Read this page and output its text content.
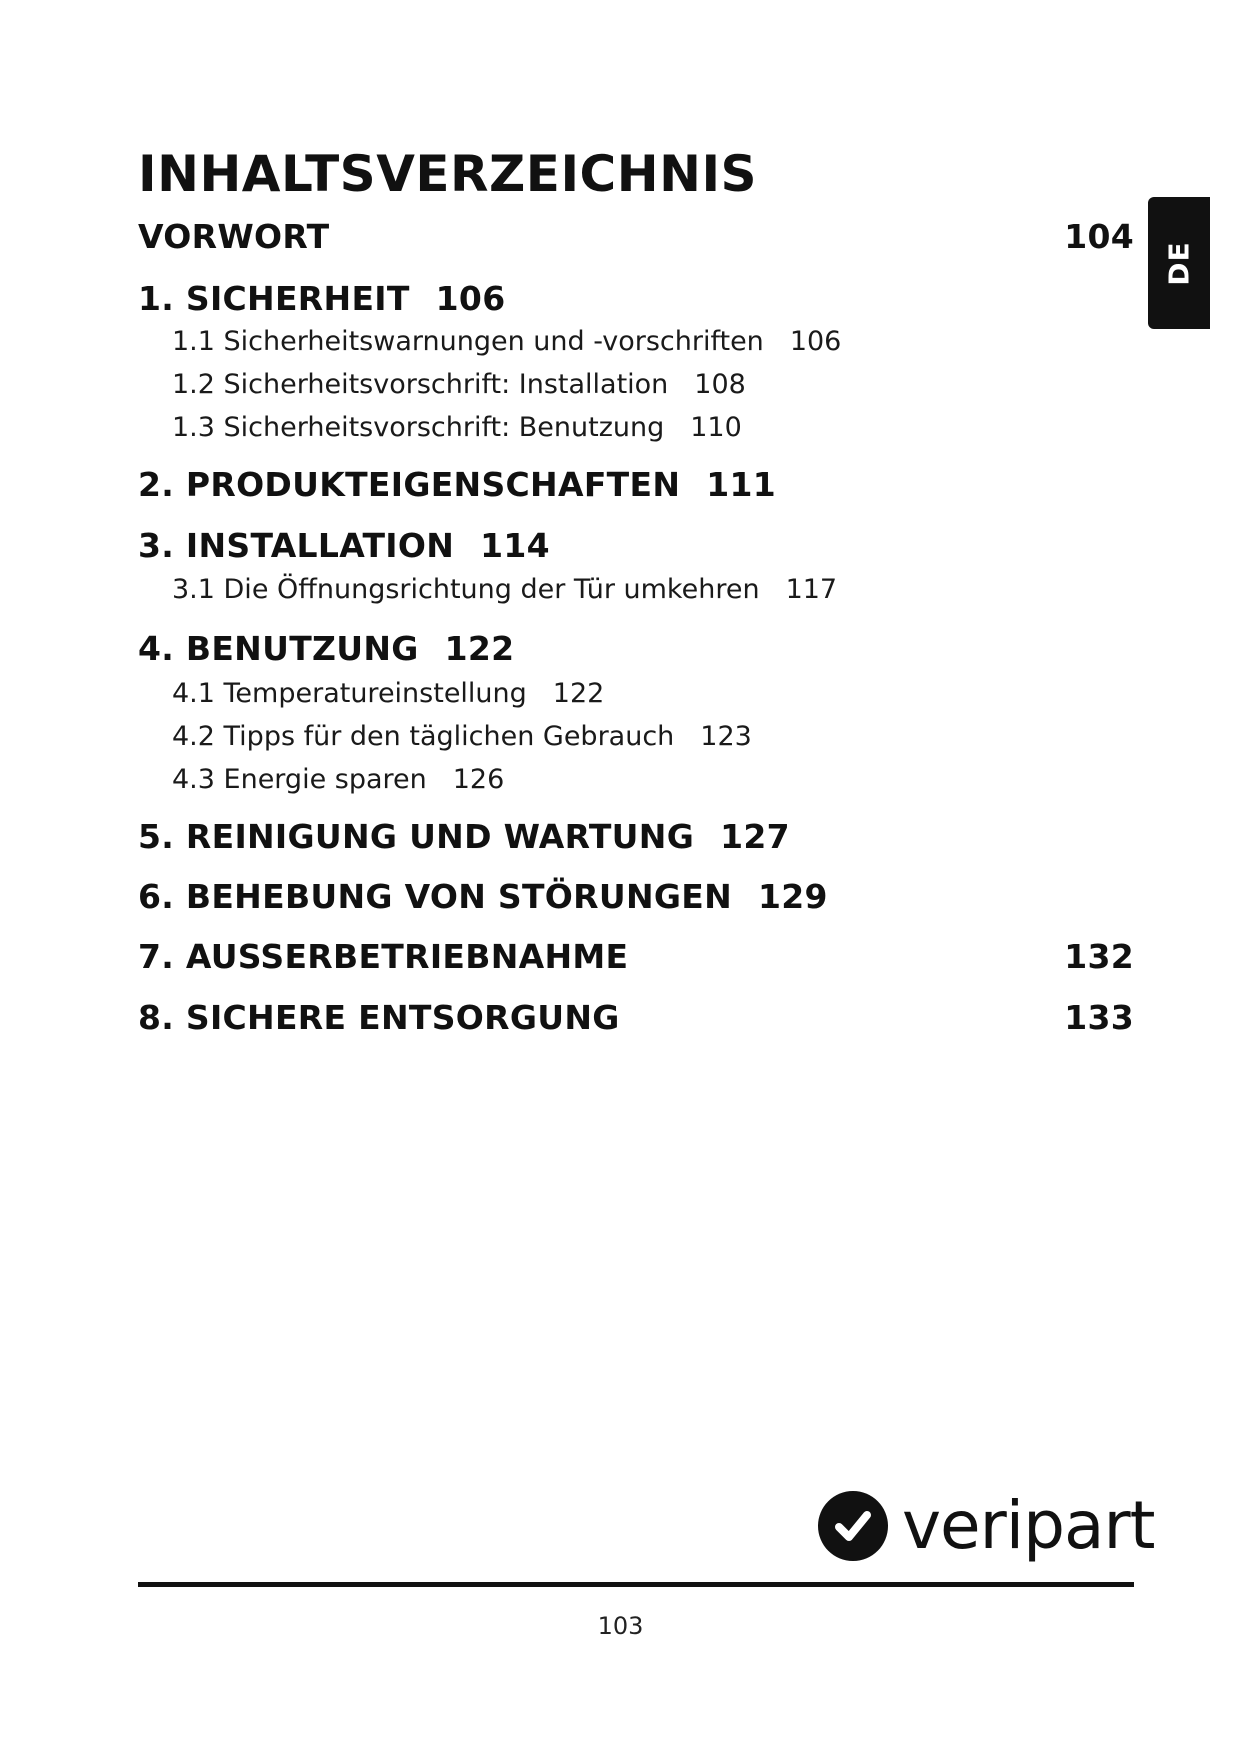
INHALTSVERZEICHNIS
DE
VORWORT	104
1. SICHERHEIT 106
1.1 Sicherheitswarnungen und -vorschriften 106
1.2 Sicherheitsvorschrift: Installation 108
1.3 Sicherheitsvorschrift: Benutzung 110
2. PRODUKTEIGENSCHAFTEN 111
3. INSTALLATION 114
3.1 Die Öffnungsrichtung der Tür umkehren 117
4. BENUTZUNG 122
4.1 Temperatureinstellung 122
4.2 Tipps für den täglichen Gebrauch 123
4.3 Energie sparen 126
5. REINIGUNG UND WARTUNG 127
6. BEHEBUNG VON STÖRUNGEN 129
7. AUSSERBETRIEBNAHME	132
8. SICHERE ENTSORGUNG	133
veripart
103
